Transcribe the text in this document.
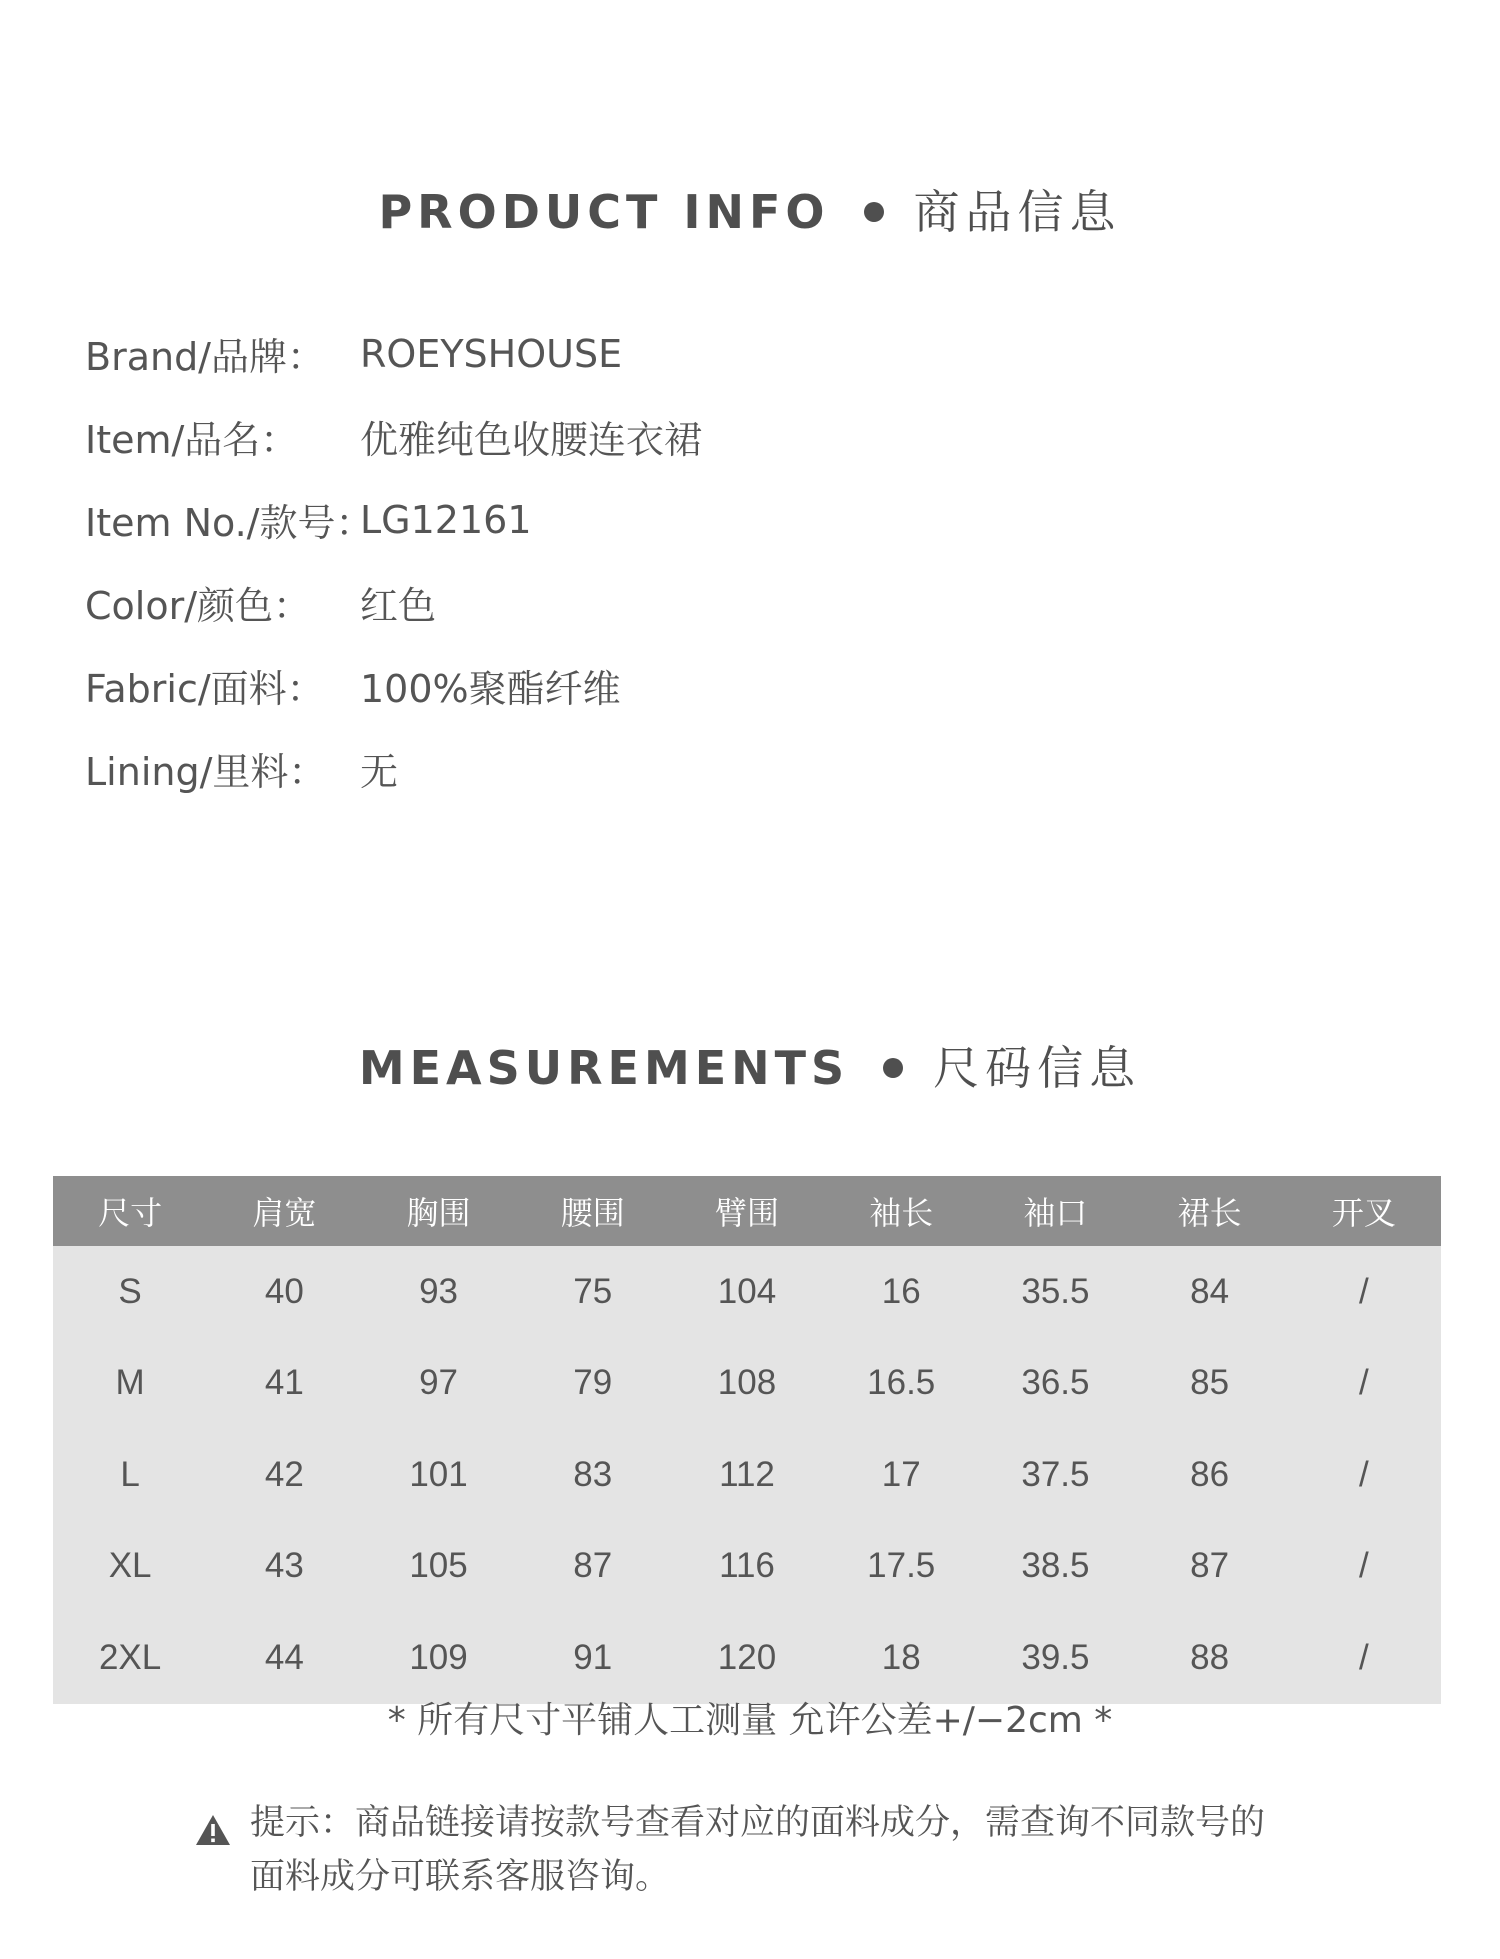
PRODUCT INFO 商品信息
Brand/品牌： ROEYSHOUSE
Item/品名：	优雅纯色收腰连衣裙
Item No./款号：
LG12161
Color/颜色：	红色
Fabric/面料： 100%聚酯纤维
Lining/里料： 无
MEASUREMENTS 尺码信息
尺寸	肩宽	胸围	腰围	臂围	袖长	袖口	裙长	开叉
S	40	93	75	104	16	35.5	84	/
M	41	97	79	108	16.5	36.5	85	/
L	42	101	83	112	17	37.5	86	/
XL	43	105	87	116	17.5	38.5	87	/
2XL	44	109	91	120	18	39.5	88	/
* 所有尺寸平铺人工测量 允许公差+/−2cm *
提示：商品链接请按款号查看对应的面料成分，需查询不同款号的
面料成分可联系客服咨询。
